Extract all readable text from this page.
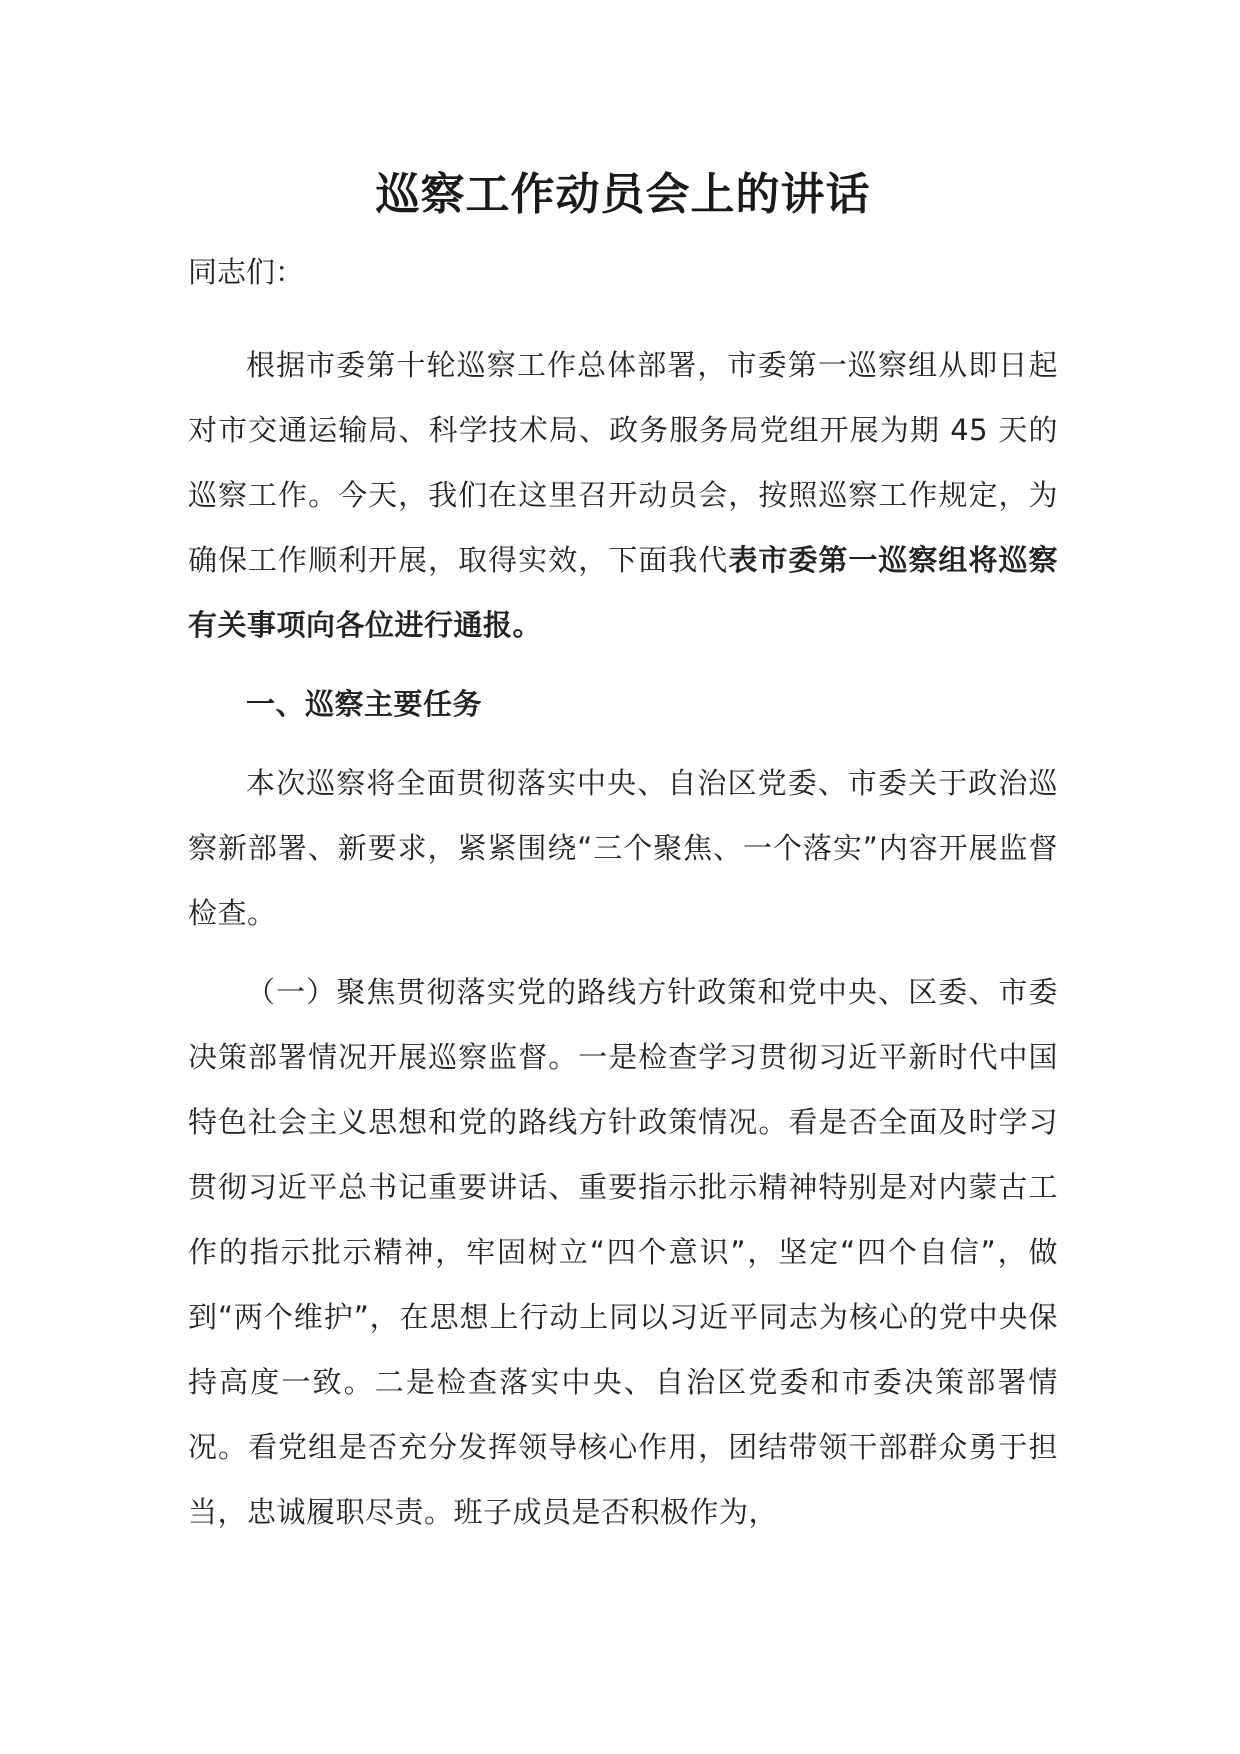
巡察工作动员会上的讲话

同志们：

根据市委第十轮巡察工作总体部署，市委第一巡察组从即日起对市交通运输局、科学技术局、政务服务局党组开展为期 45 天的巡察工作。今天，我们在这里召开动员会，按照巡察工作规定，为确保工作顺利开展，取得实效，下面我代表市委第一巡察组将巡察有关事项向各位进行通报。

一、巡察主要任务

本次巡察将全面贯彻落实中央、自治区党委、市委关于政治巡察新部署、新要求，紧紧围绕“三个聚焦、一个落实”内容开展监督检查。

（一）聚焦贯彻落实党的路线方针政策和党中央、区委、市委决策部署情况开展巡察监督。一是检查学习贯彻习近平新时代中国特色社会主义思想和党的路线方针政策情况。看是否全面及时学习贯彻习近平总书记重要讲话、重要指示批示精神特别是对内蒙古工作的指示批示精神，牢固树立“四个意识”，坚定“四个自信”，做到“两个维护”，在思想上行动上同以习近平同志为核心的党中央保持高度一致。二是检查落实中央、自治区党委和市委决策部署情况。看党组是否充分发挥领导核心作用，团结带领干部群众勇于担当，忠诚履职尽责。班子成员是否积极作为，
